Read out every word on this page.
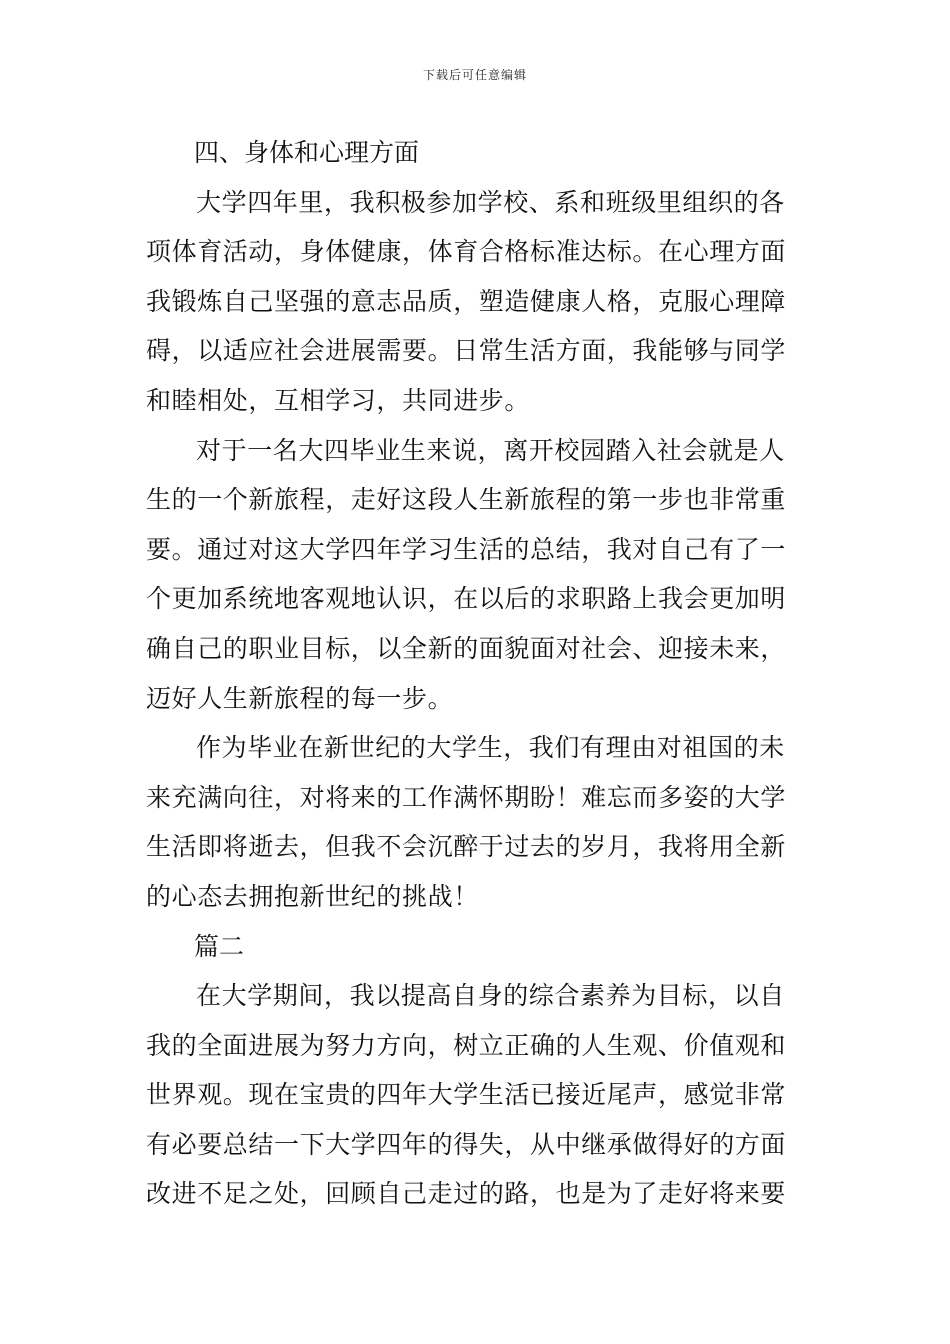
下载后可任意编辑
四、身体和心理方面
大学四年里，我积极参加学校、系和班级里组织的各
项体育活动，身体健康，体育合格标准达标。在心理方面
我锻炼自己坚强的意志品质，塑造健康人格，克服心理障
碍，以适应社会进展需要。日常生活方面，我能够与同学
和睦相处，互相学习，共同进步。
对于一名大四毕业生来说，离开校园踏入社会就是人
生的一个新旅程，走好这段人生新旅程的第一步也非常重
要。通过对这大学四年学习生活的总结，我对自己有了一
个更加系统地客观地认识，在以后的求职路上我会更加明
确自己的职业目标，以全新的面貌面对社会、迎接未来，
迈好人生新旅程的每一步。
作为毕业在新世纪的大学生，我们有理由对祖国的未
来充满向往，对将来的工作满怀期盼！难忘而多姿的大学
生活即将逝去，但我不会沉醉于过去的岁月，我将用全新
的心态去拥抱新世纪的挑战！
篇二
在大学期间，我以提高自身的综合素养为目标，以自
我的全面进展为努力方向，树立正确的人生观、价值观和
世界观。现在宝贵的四年大学生活已接近尾声，感觉非常
有必要总结一下大学四年的得失，从中继承做得好的方面
改进不足之处，回顾自己走过的路，也是为了走好将来要
